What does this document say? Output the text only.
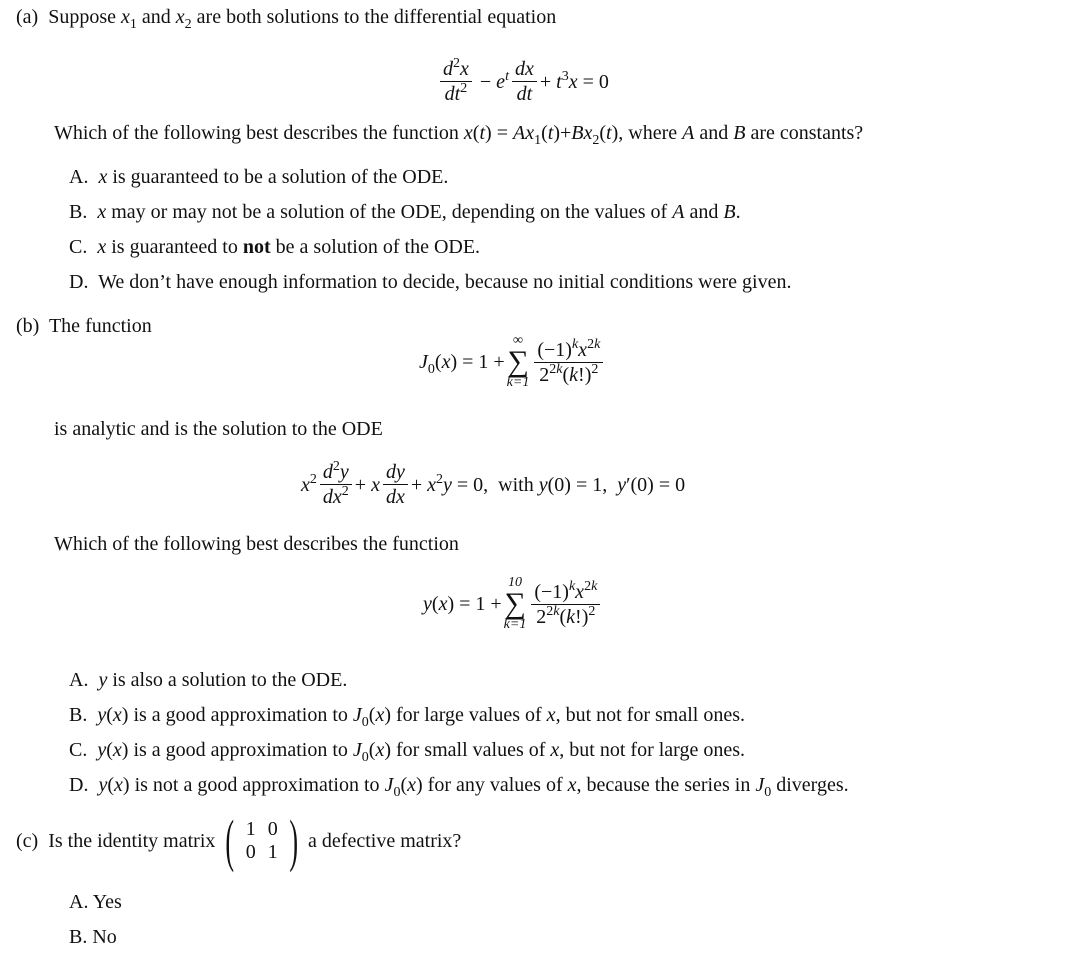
(a)  Suppose $x_1$ and $x_2$ are both solutions to the differential equation
$\frac{d^2x}{dt^2} - e^t \frac{dx}{dt} + t^3x = 0$
Which of the following best describes the function $x(t) = Ax_1(t)+Bx_2(t)$, where A and B are constants?
A.  x is guaranteed to be a solution of the ODE.
B.  x may or may not be a solution of the ODE, depending on the values of A and B.
C.  x is guaranteed to not be a solution of the ODE.
D.  We don’t have enough information to decide, because no initial conditions were given.
(b) The function
$J_0(x) = 1$ +
∞
∑
$k=1 \frac{(-1)^kx^{2k}}{2^{2k}(k!)^2}$
is analytic and is the solution to the ODE
$x^2 \frac{d^2y}{dx^2} + x \frac{dy}{dx} + x^2y = 0$,  with y(0) = 1,  y′(0) = 0
Which of the following best describes the function
y(x) = 1 +
10
∑
$k=1 \frac{(-1)^kx^{2k}}{2^{2k}(k!)^2}$
A.  y is also a solution to the ODE.
B.  y(x) is a good approximation to $J_0(x)$ for large values of x, but not for small ones.
C.  y(x) is a good approximation to $J_0(x)$ for small values of x, but not for large ones.
D.  y(x) is not a good approximation to $J_0(x)$ for any values of x, because the series in $J_0$ diverges.
(c) Is the identity matrix ( 1 0
0 1 ) a defective matrix?
A. Yes
B. No
